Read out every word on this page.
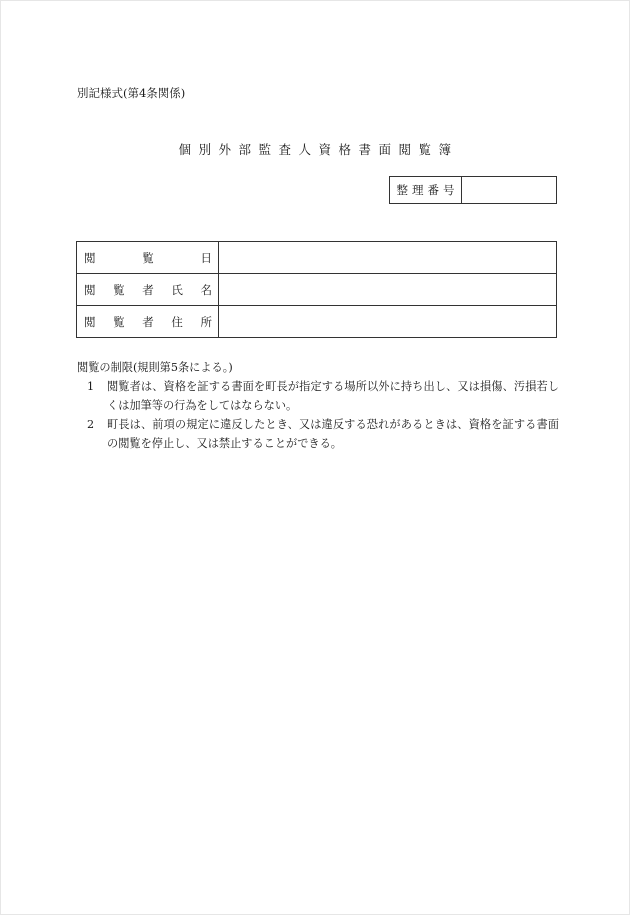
別記様式(第4条関係)
個別外部監査人資格書面閲覧簿
整理番号
閲 覧 日	

閲 覧 者 氏 名	

閲 覧 者 住 所	

閲覧の制限(規則第5条による。)
1	閲覧者は、資格を証する書面を町長が指定する場所以外に持ち出し、又は損傷、汚損若しくは加筆等の行為をしてはならない。
2	町長は、前項の規定に違反したとき、又は違反する恐れがあるときは、資格を証する書面の閲覧を停止し、又は禁止することができる。
